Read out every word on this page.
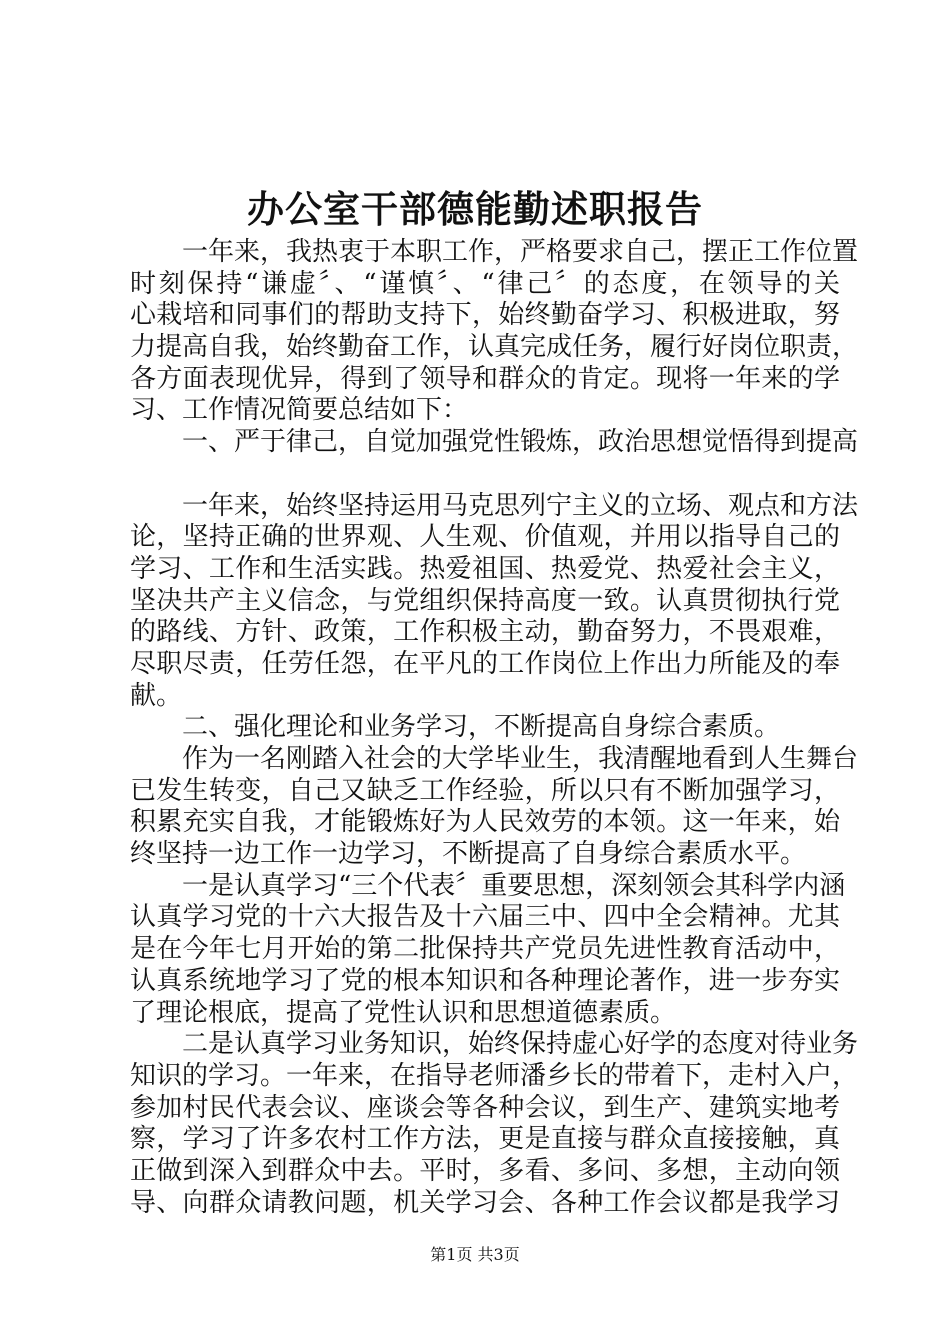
办公室干部德能勤述职报告
一年来，我热衷于本职工作，严格要求自己，摆正工作位置
时刻保持“谦虚〞、“谨慎〞、“律己〞的态度，在领导的关
心栽培和同事们的帮助支持下，始终勤奋学习、积极进取，努
力提高自我，始终勤奋工作，认真完成任务，履行好岗位职责，
各方面表现优异，得到了领导和群众的肯定。现将一年来的学
习、工作情况简要总结如下：
一、严于律己，自觉加强党性锻炼，政治思想觉悟得到提高
一年来，始终坚持运用马克思列宁主义的立场、观点和方法
论，坚持正确的世界观、人生观、价值观，并用以指导自己的
学习、工作和生活实践。热爱祖国、热爱党、热爱社会主义，
坚决共产主义信念，与党组织保持高度一致。认真贯彻执行党
的路线、方针、政策，工作积极主动，勤奋努力，不畏艰难，
尽职尽责，任劳任怨，在平凡的工作岗位上作出力所能及的奉
献。
二、强化理论和业务学习，不断提高自身综合素质。
作为一名刚踏入社会的大学毕业生，我清醒地看到人生舞台
已发生转变，自己又缺乏工作经验，所以只有不断加强学习，
积累充实自我，才能锻炼好为人民效劳的本领。这一年来，始
终坚持一边工作一边学习，不断提高了自身综合素质水平。
一是认真学习“三个代表〞重要思想，深刻领会其科学内涵
认真学习党的十六大报告及十六届三中、四中全会精神。尤其
是在今年七月开始的第二批保持共产党员先进性教育活动中，
认真系统地学习了党的根本知识和各种理论著作，进一步夯实
了理论根底，提高了党性认识和思想道德素质。
二是认真学习业务知识，始终保持虚心好学的态度对待业务
知识的学习。一年来，在指导老师潘乡长的带着下，走村入户，
参加村民代表会议、座谈会等各种会议，到生产、建筑实地考
察，学习了许多农村工作方法，更是直接与群众直接接触，真
正做到深入到群众中去。平时，多看、多问、多想，主动向领
导、向群众请教问题，机关学习会、各种工作会议都是我学习
第1页 共3页
